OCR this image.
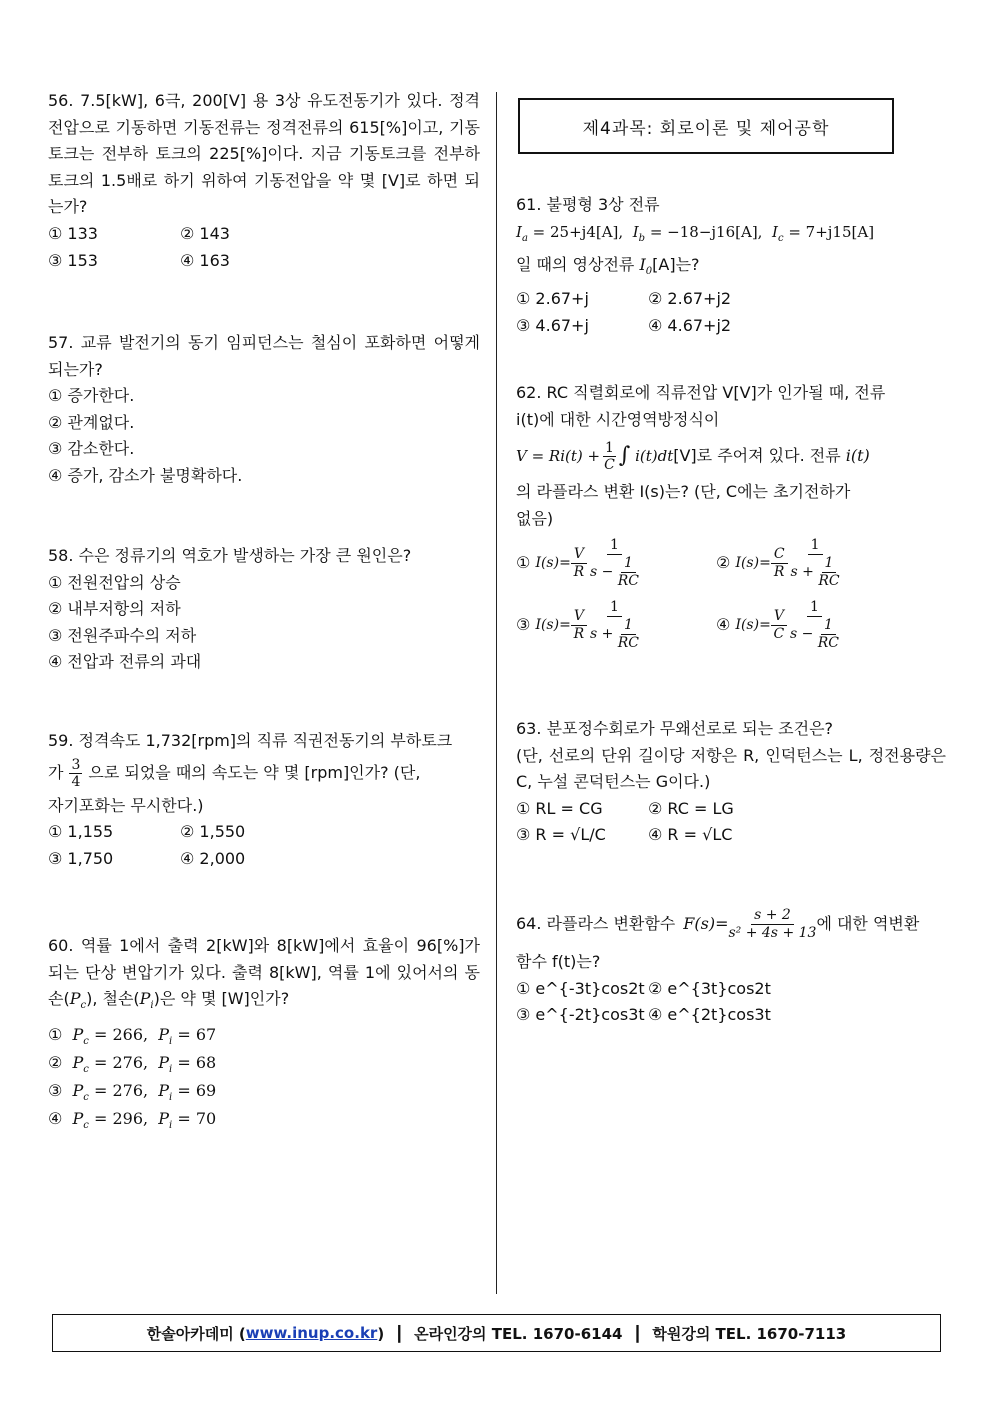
56. 7.5[kW], 6극, 200[V] 용 3상 유도전동기가 있다. 정격 전압으로 기동하면 기동전류는 정격전류의 615[%]이고, 기동 토크는 전부하 토크의 225[%]이다. 지금 기동토크를 전부하 토크의 1.5배로 하기 위하여 기동전압을 약 몇 [V]로 하면 되는가?

① 133	② 143
③ 153	④ 163

57. 교류 발전기의 동기 임피던스는 철심이 포화하면 어떻게 되는가?

① 증가한다.
② 관계없다.
③ 감소한다.
④ 증가, 감소가 불명확하다.

58. 수은 정류기의 역호가 발생하는 가장 큰 원인은?

① 전원전압의 상승
② 내부저항의 저하
③ 전원주파수의 저하
④ 전압과 전류의 과대
59. 정격속도 1,732[rpm]의 직류 직권전동기의 부하토크
가 $\frac{3}{4}$ 으로 되었을 때의 속도는 약 몇 [rpm]인가? (단,
자기포화는 무시한다.)
① 1,155	② 1,550
③ 1,750	④ 2,000

60. 역률 1에서 출력 2[kW]와 8[kW]에서 효율이 96[%]가 되는 단상 변압기가 있다. 출력 8[kW], 역률 1에 있어서의 동손$(P_c)$, 철손$(P_i)$은 약 몇 [W]인가?

① $P_c = 266$,  $P_i = 67$
② $P_c = 276$,  $P_i = 68$
③ $P_c = 276$,  $P_i = 69$
④ $P_c = 296$,  $P_i = 70$
제4과목: 회로이론 및 제어공학
61. 불평형 3상 전류
$I_a = 25+j4[A]$, $I_b = -18-j16[A]$, $I_c = 7+j15[A]$
일 때의 영상전류 $I_0[A]$는?
① 2.67+j	② 2.67+j2
③ 4.67+j	④ 4.67+j2
62. RC 직렬회로에 직류전압 V[V]가 인가될 때, 전류
i(t)에 대한 시간영역방정식이
$V = Ri(t) + \frac{1}{C}$ ∫ i(t)dt [V]로 주어져 있다. 전류 i(t)
의 라플라스 변환 I(s)는? (단, C에는 초기전하가
없음)
①
$I(s)= \frac{V}{R}$
1
s −
1
RC
②
$I(s)= \frac{C}{R}$
1
s +
1
RC
③
$I(s)= \frac{V}{R}$
1
s +
1
RC
④
$I(s)= \frac{V}{C}$
1
s −
1
RC
63. 분포정수회로가 무왜선로로 되는 조건은?

(단, 선로의 단위 길이당 저항은 R, 인덕턴스는 L, 정전용량은 C, 누설 콘덕턴스는 G이다.)

① RL = CG	② RC = LG
③ R = √L/C	④ R = √LC
64. 라플라스 변환함수 $F(s)= \frac{s + 2}{\text{s² + 4s + 13}}$ 에 대한 역변환
함수 f(t)는?
① e^{-3t}cos2t ② e^{3t}cos2t
③ e^{-2t}cos3t ④ e^{2t}cos3t
한솔아카데미 ( www.inup.co.kr )  ┃  온라인강의 TEL. 1670-6144  ┃  학원강의 TEL. 1670-7113
